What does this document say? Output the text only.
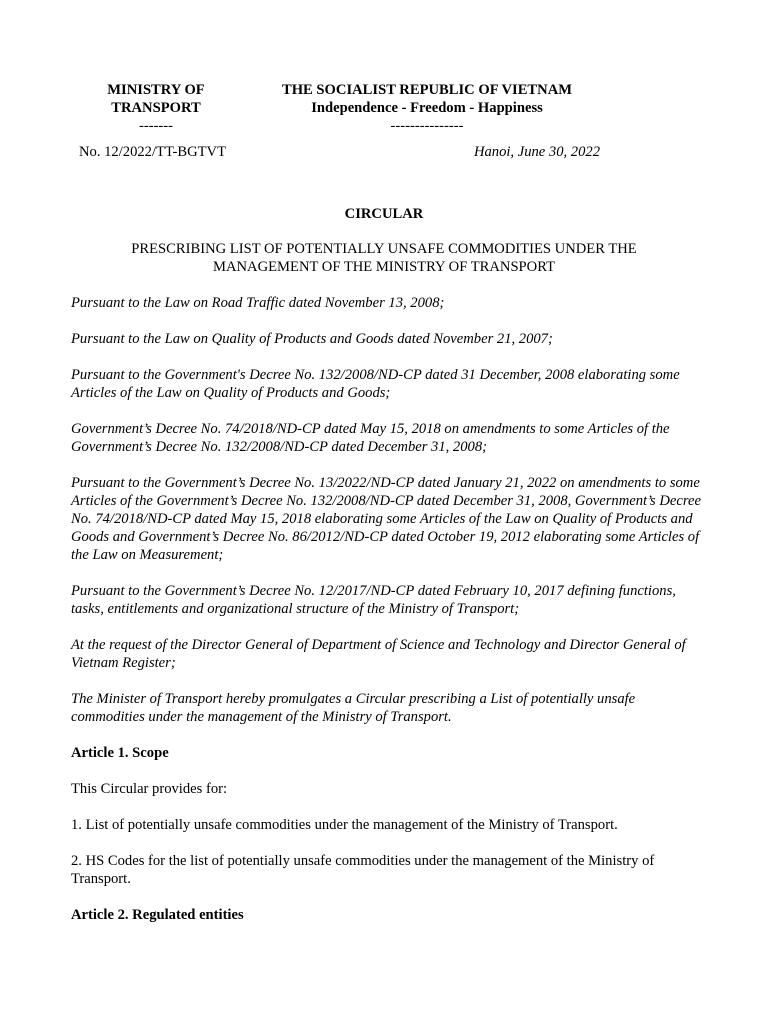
MINISTRY OF
TRANSPORT
-------
THE SOCIALIST REPUBLIC OF VIETNAM
Independence - Freedom - Happiness
---------------
No. 12/2022/TT-BGTVT	Hanoi, June 30, 2022
CIRCULAR
PRESCRIBING LIST OF POTENTIALLY UNSAFE COMMODITIES UNDER THE
MANAGEMENT OF THE MINISTRY OF TRANSPORT

Pursuant to the Law on Road Traffic dated November 13, 2008;

Pursuant to the Law on Quality of Products and Goods dated November 21, 2007;

Pursuant to the Government's Decree No. 132/2008/ND-CP dated 31 December, 2008 elaborating some Articles of the Law on Quality of Products and Goods;

Government’s Decree No. 74/2018/ND-CP dated May 15, 2018 on amendments to some Articles of the Government’s Decree No. 132/2008/ND-CP dated December 31, 2008;

Pursuant to the Government’s Decree No. 13/2022/ND-CP dated January 21, 2022 on amendments to some Articles of the Government’s Decree No. 132/2008/ND-CP dated December 31, 2008, Government’s Decree No. 74/2018/ND-CP dated May 15, 2018 elaborating some Articles of the Law on Quality of Products and Goods and Government’s Decree No. 86/2012/ND-CP dated October 19, 2012 elaborating some Articles of the Law on Measurement;

Pursuant to the Government’s Decree No. 12/2017/ND-CP dated February 10, 2017 defining functions, tasks, entitlements and organizational structure of the Ministry of Transport;

At the request of the Director General of Department of Science and Technology and Director General of Vietnam Register;

The Minister of Transport hereby promulgates a Circular prescribing a List of potentially unsafe commodities under the management of the Ministry of Transport.

Article 1. Scope

This Circular provides for:

1. List of potentially unsafe commodities under the management of the Ministry of Transport.

2. HS Codes for the list of potentially unsafe commodities under the management of the Ministry of Transport.

Article 2. Regulated entities
